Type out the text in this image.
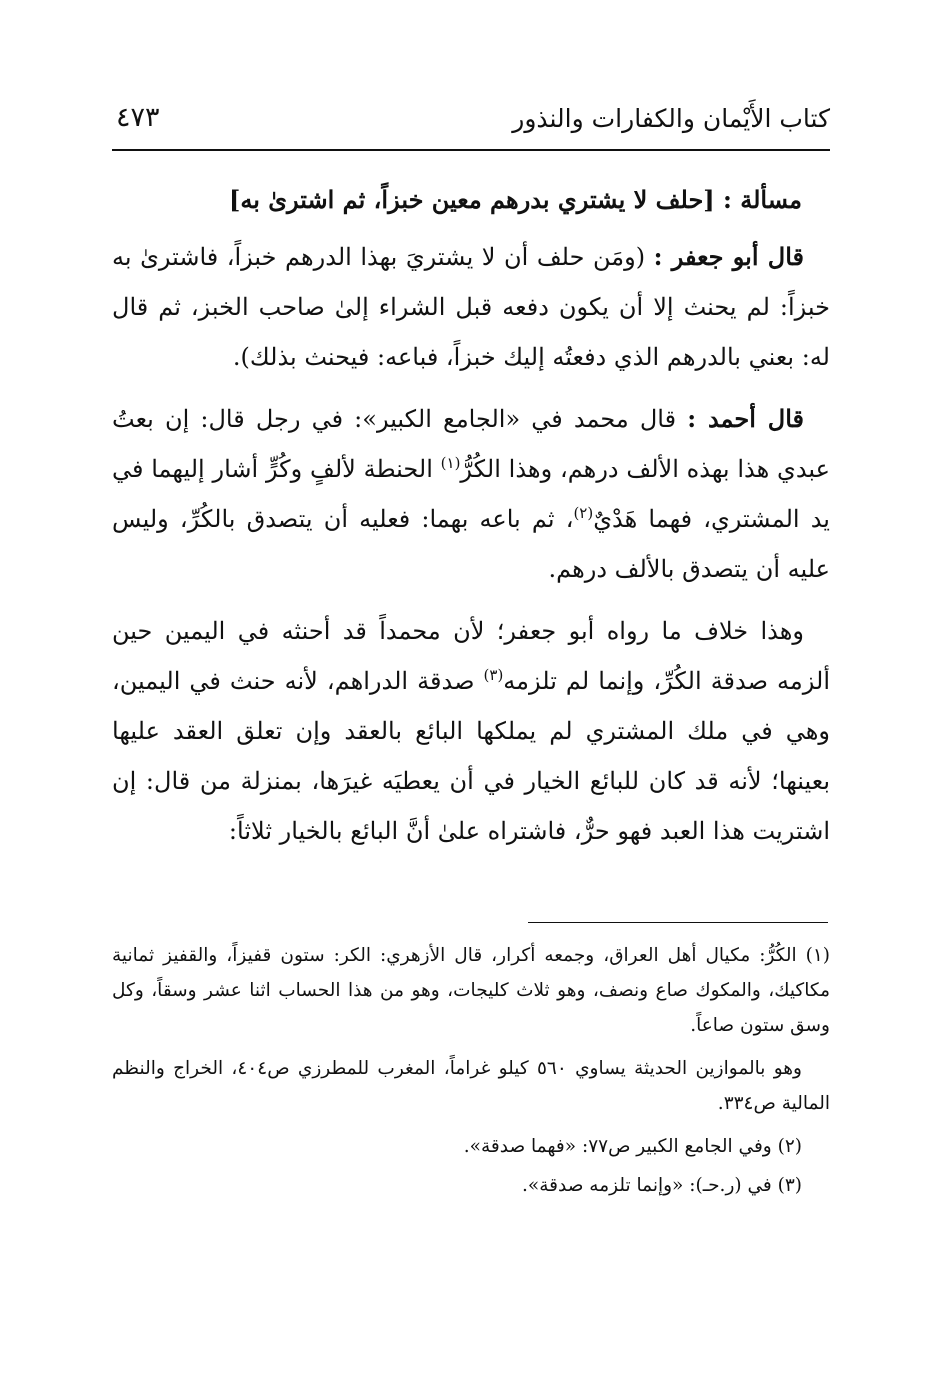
كتاب الأَيْمان والكفارات والنذور
٤٧٣
مسألة : [حلف لا يشتري بدرهم معين خبزاً، ثم اشترىٰ به]

قال أبو جعفر : (ومَن حلف أن لا يشتريَ بهذا الدرهم خبزاً، فاشترىٰ به خبزاً: لم يحنث إلا أن يكون دفعه قبل الشراء إلىٰ صاحب الخبز، ثم قال له: بعني بالدرهم الذي دفعتُه إليك خبزاً، فباعه: فيحنث بذلك).

قال أحمد : قال محمد في «الجامع الكبير»: في رجل قال: إن بعتُ عبدي هذا بهذه الألف درهم، وهذا الكُرُّ$^{(١)}$ الحنطة لألفٍ وكُرٍّ أشار إليهما في يد المشتري، فهما هَدْيٌ$^{(٢)}$، ثم باعه بهما: فعليه أن يتصدق بالكُرِّ، وليس عليه أن يتصدق بالألف درهم.

وهذا خلاف ما رواه أبو جعفر؛ لأن محمداً قد أحنثه في اليمين حين ألزمه صدقة الكُرِّ، وإنما لم تلزمه$^{(٣)}$ صدقة الدراهم، لأنه حنث في اليمين، وهي في ملك المشتري لم يملكها البائع بالعقد وإن تعلق العقد عليها بعينها؛ لأنه قد كان للبائع الخيار في أن يعطيَه غيرَها، بمنزلة من قال: إن اشتريت هذا العبد فهو حرٌّ، فاشتراه علىٰ أنَّ البائع بالخيار ثلاثاً:

(١) الكُرُّ: مكيال أهل العراق، وجمعه أكرار، قال الأزهري: الكر: ستون قفيزاً، والقفيز ثمانية مكاكيك، والمكوك صاع ونصف، وهو ثلاث كليجات، وهو من هذا الحساب اثنا عشر وسقاً، وكل وسق ستون صاعاً.

وهو بالموازين الحديثة يساوي ٥٦٠ كيلو غراماً، المغرب للمطرزي ص٤٠٤، الخراج والنظم المالية ص٣٣٤.

(٢) وفي الجامع الكبير ص٧٧: «فهما صدقة».

(٣) في (ر.حـ): «وإنما تلزمه صدقة».
